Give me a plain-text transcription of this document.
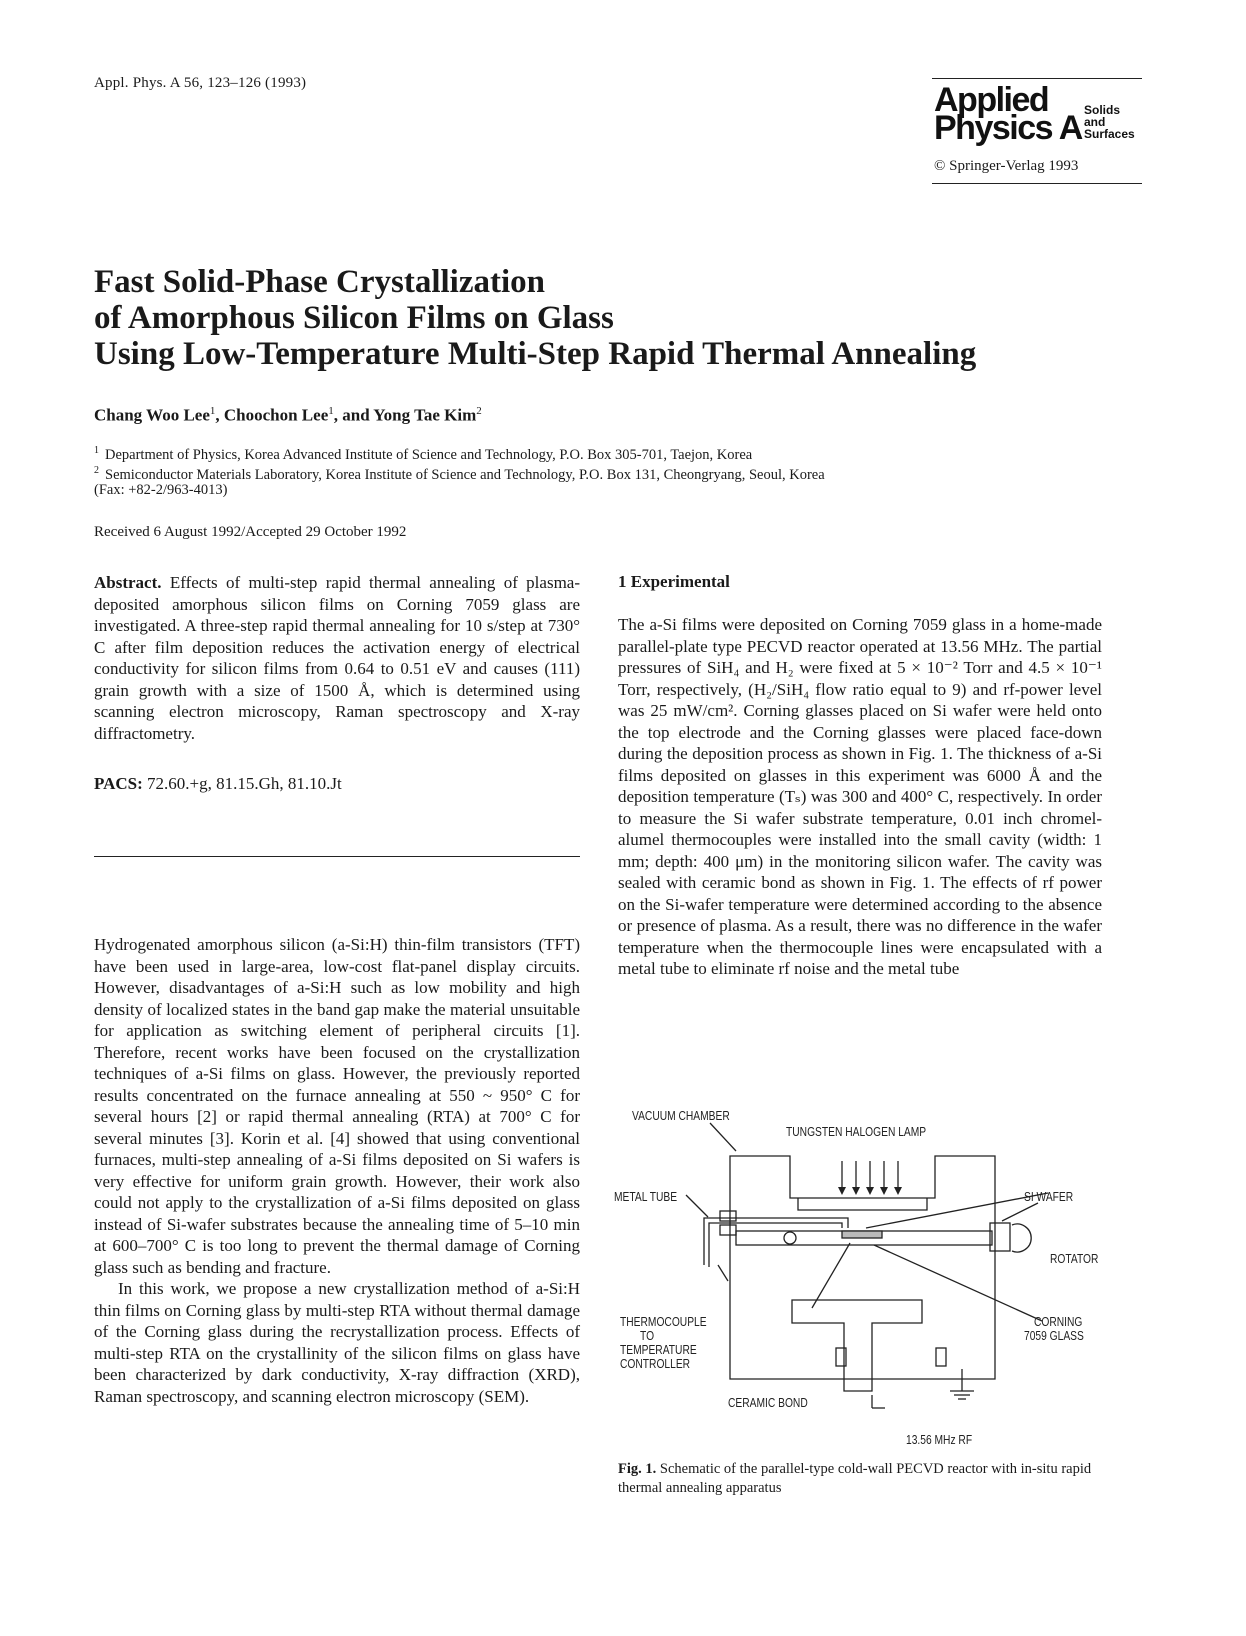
Appl. Phys. A 56, 123–126 (1993)	Applied
Physics A Solids
and
Surfaces
© Springer-Verlag 1993
Fast Solid-Phase Crystallization
of Amorphous Silicon Films on Glass
Using Low-Temperature Multi-Step Rapid Thermal Annealing
Chang Woo Lee$^1$, Choochon Lee$^1$, and Yong Tae Kim$^2$
$^1$ Department of Physics, Korea Advanced Institute of Science and Technology, P.O. Box 305-701, Taejon, Korea
$^2$ Semiconductor Materials Laboratory, Korea Institute of Science and Technology, P.O. Box 131, Cheongryang, Seoul, Korea
(Fax: +82-2/963-4013)
Received 6 August 1992/Accepted 29 October 1992

Abstract. Effects of multi-step rapid thermal annealing of plasma-deposited amorphous silicon films on Corning 7059 glass are investigated. A three-step rapid thermal annealing for 10 s/step at 730° C after film deposition reduces the activation energy of electrical conductivity for silicon films from 0.64 to 0.51 eV and causes (111) grain growth with a size of 1500 Å, which is determined using scanning electron microscopy, Raman spectroscopy and X-ray diffractometry.

PACS: 72.60.+g, 81.15.Gh, 81.10.Jt

Hydrogenated amorphous silicon (a-Si:H) thin-film transistors (TFT) have been used in large-area, low-cost flat-panel display circuits. However, disadvantages of a-Si:H such as low mobility and high density of localized states in the band gap make the material unsuitable for application as switching element of peripheral circuits [1]. Therefore, recent works have been focused on the crystallization techniques of a-Si films on glass. However, the previously reported results concentrated on the furnace annealing at 550 ~ 950° C for several hours [2] or rapid thermal annealing (RTA) at 700° C for several minutes [3]. Korin et al. [4] showed that using conventional furnaces, multi-step annealing of a-Si films deposited on Si wafers is very effective for uniform grain growth. However, their work also could not apply to the crystallization of a-Si films deposited on glass instead of Si-wafer substrates because the annealing time of 5–10 min at 600–700° C is too long to prevent the thermal damage of Corning glass such as bending and fracture.

In this work, we propose a new crystallization method of a-Si:H thin films on Corning glass by multi-step RTA without thermal damage of the Corning glass during the recrystallization process. Effects of multi-step RTA on the crystallinity of the silicon films on glass have been characterized by dark conductivity, X-ray diffraction (XRD), Raman spectroscopy, and scanning electron microscopy (SEM).

1 Experimental

The a-Si films were deposited on Corning 7059 glass in a home-made parallel-plate type PECVD reactor operated at 13.56 MHz. The partial pressures of SiH₄ and H₂ were fixed at 5 × 10⁻² Torr and 4.5 × 10⁻¹ Torr, respectively, (H₂/SiH₄ flow ratio equal to 9) and rf-power level was 25 mW/cm². Corning glasses placed on Si wafer were held onto the top electrode and the Corning glasses were placed face-down during the deposition process as shown in Fig. 1. The thickness of a-Si films deposited on glasses in this experiment was 6000 Å and the deposition temperature (Tₛ) was 300 and 400° C, respectively. In order to measure the Si wafer substrate temperature, 0.01 inch chromel-alumel thermocouples were installed into the small cavity (width: 1 mm; depth: 400 μm) in the monitoring silicon wafer. The cavity was sealed with ceramic bond as shown in Fig. 1. The effects of rf power on the Si-wafer temperature were determined according to the absence or presence of plasma. As a result, there was no difference in the wafer temperature when the thermocouple lines were encapsulated with a metal tube to eliminate rf noise and the metal tube

VACUUM CHAMBER
TUNGSTEN HALOGEN LAMP
METAL TUBE	SI WAFER
ROTATOR
THERMOCOUPLE
TO
TEMPERATURE
CONTROLLER
CORNING
7059 GLASS
CERAMIC BOND
13.56 MHz RF
Fig. 1. Schematic of the parallel-type cold-wall PECVD reactor with in-situ rapid thermal annealing apparatus
